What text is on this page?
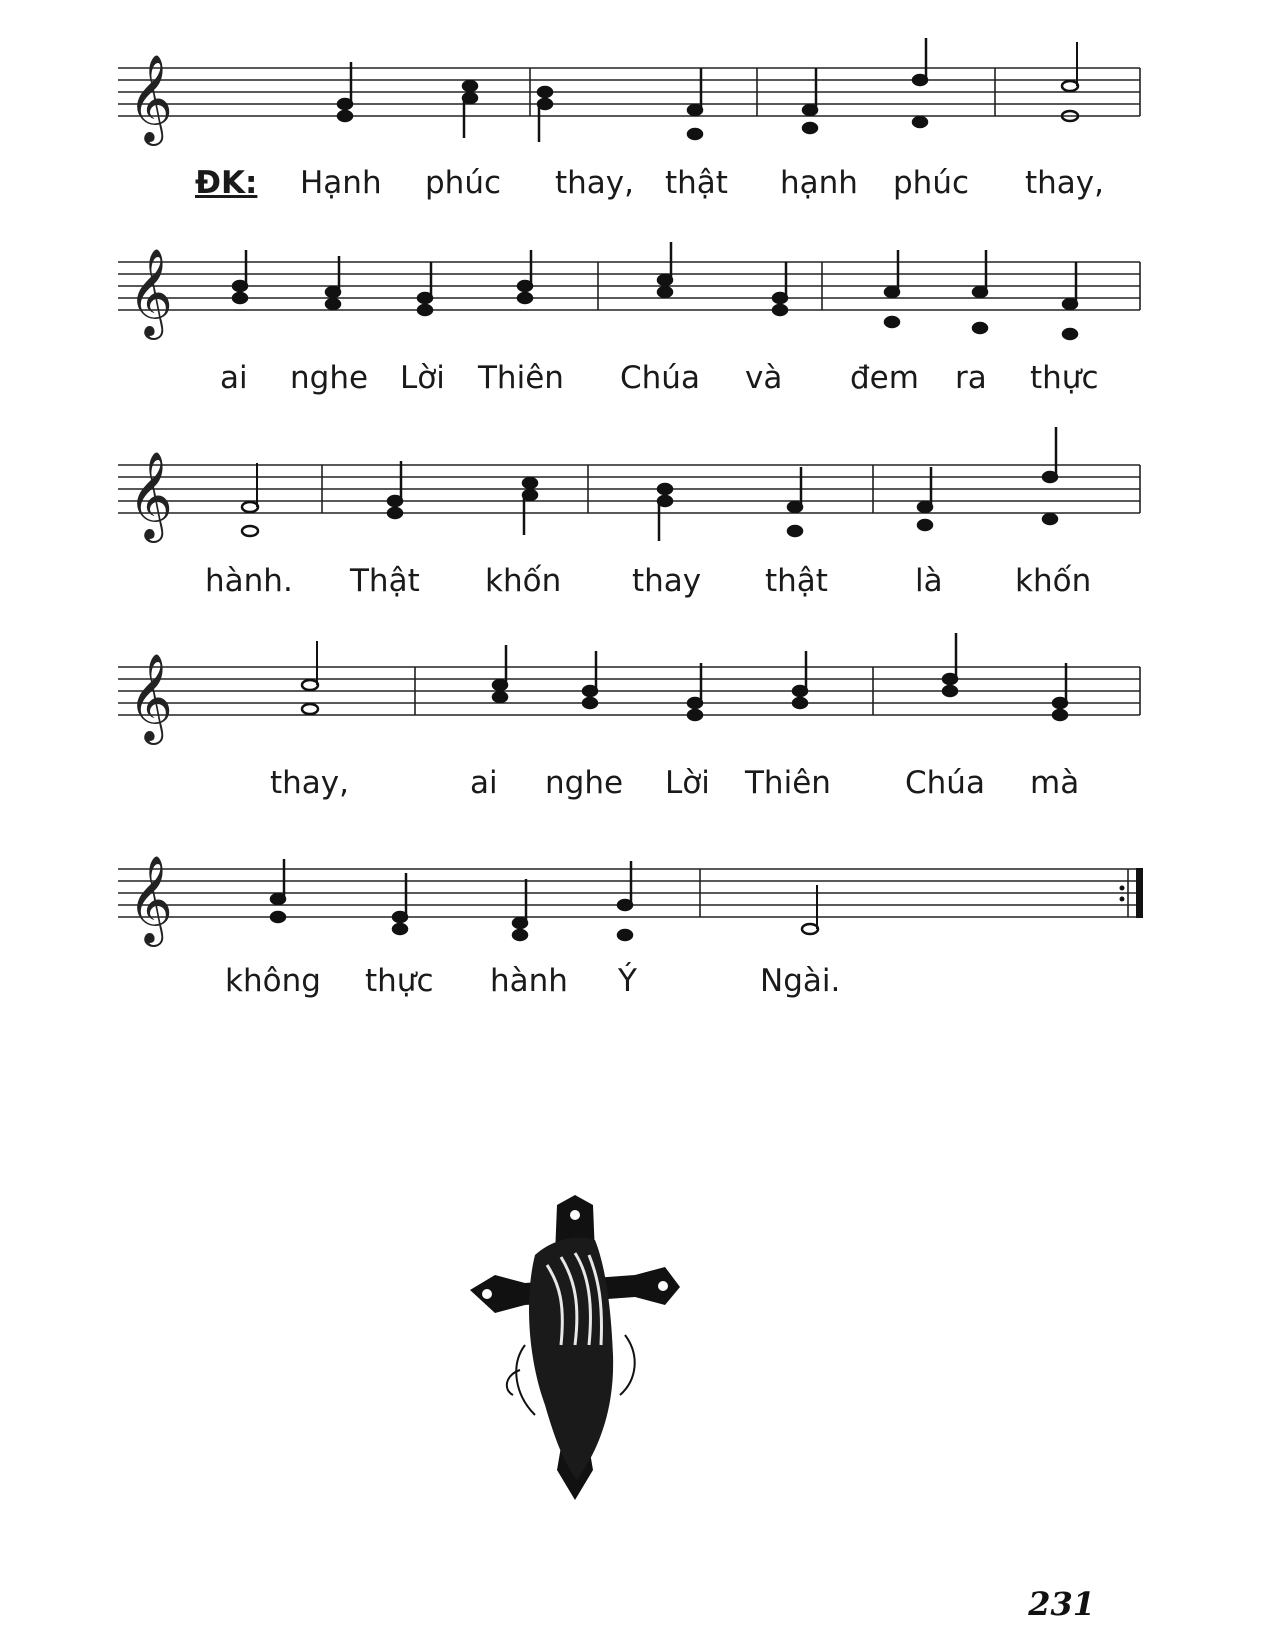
𝄞
ĐK: Hạnh phúc thay, thật hạnh phúc thay,
𝄞
ai nghe Lời Thiên Chúa và đem ra thực
𝄞
hành. Thật khốn thay thật	là khốn
𝄞
thay,	ai nghe Lời Thiên Chúa mà
𝄞
không thực hành Ý	Ngài.
231
